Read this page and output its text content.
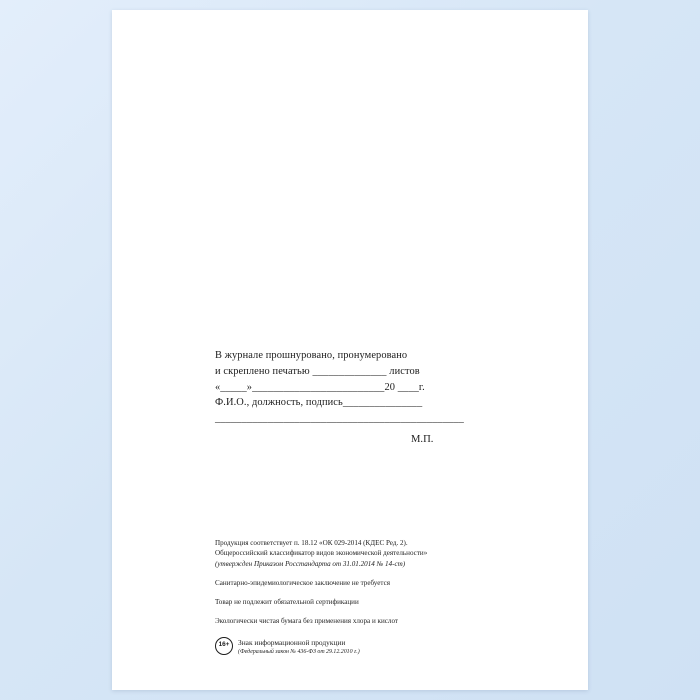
В журнале прошнуровано, пронумеровано
и скреплено печатью ______________ листов
«_____»_________________________20 ____г.
Ф.И.О., должность, подпись_______________
_______________________________________________
М.П.
Продукция соответствует п. 18.12 «ОК 029-2014 (КДЕС Ред. 2).
Общероссийский классификатор видов экономической деятельности»
(утвержден Приказом Росстандарта от 31.01.2014 № 14-ст)
Санитарно-эпидемиологическое заключение не требуется
Товар не подлежит обязательной сертификации
Экологически чистая бумага без применения хлора и кислот
16+	Знак информационной продукции
(Федеральный закон № 436-ФЗ от 29.12.2010 г.)
